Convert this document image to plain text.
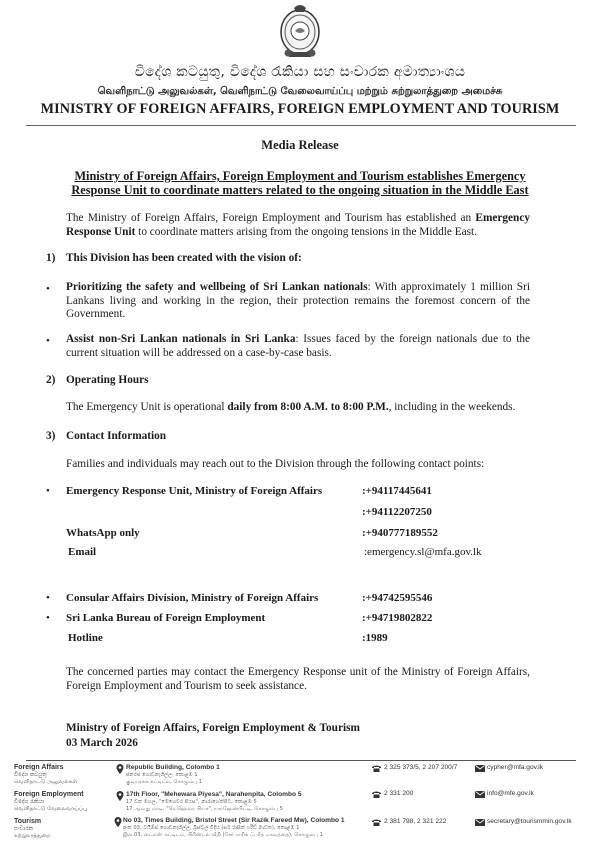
විදේශ කටයුතු, විදේශ රැකියා සහ සංචාරක අමාත්‍යාංශය
வெளிநாட்டு அலுவல்கள், வெளிநாட்டு வேலைவாய்ப்பு மற்றும் சுற்றுலாத்துறை அமைச்சு
MINISTRY OF FOREIGN AFFAIRS, FOREIGN EMPLOYMENT AND TOURISM
Media Release
Ministry of Foreign Affairs, Foreign Employment and Tourism establishes Emergency
Response Unit to coordinate matters related to the ongoing situation in the Middle East
The Ministry of Foreign Affairs, Foreign Employment and Tourism has established an Emergency Response Unit to coordinate matters arising from the ongoing tensions in the Middle East.
1) This Division has been created with the vision of:
• Prioritizing the safety and wellbeing of Sri Lankan nationals: With approximately 1 million Sri Lankans living and working in the region, their protection remains the foremost concern of the Government.
• Assist non-Sri Lankan nationals in Sri Lanka: Issues faced by the foreign nationals due to the current situation will be addressed on a case-by-case basis.
2) Operating Hours
The Emergency Unit is operational daily from 8:00 A.M. to 8:00 P.M., including in the weekends.
3) Contact Information
Families and individuals may reach out to the Division through the following contact points:
• Emergency Response Unit, Ministry of Foreign Affairs	:+94117445641
:+94112207250
WhatsApp only	:+940777189552
Email	:emergency.sl@mfa.gov.lk
• Consular Affairs Division, Ministry of Foreign Affairs	:+94742595546
• Sri Lanka Bureau of Foreign Employment	:+94719802822
Hotline	:1989
The concerned parties may contact the Emergency Response unit of the Ministry of Foreign Affairs, Foreign Employment and Tourism to seek assistance.
Ministry of Foreign Affairs, Foreign Employment & Tourism
03 March 2026
Foreign Affairs
විදේශ කටයුතු
வெளிநாட்டு அலுவல்கள்
Republic Building, Colombo 1
ජනරජ ගොඩනැගිල්ල, කොළඹ 1
குடியரசுக் கட்டிடம், கொழும்பு 1
2 325 373/5, 2 207 200/7	cypher@mfa.gov.lk
Foreign Employment
විදේශ රැකියා
வெளிநாட்டு வேலைவாய்ப்பு
17th Floor, "Mehewara Piyesa", Narahenpita, Colombo 5
17 වන මහල, "මෙහෙවර පියස", නාරාහේන්පිට, කොළඹ 5
17 ஆவது மாடி, "மெஹெவர பியச", நாரஹேன்பிட்டி, கொழும்பு 5
2 331 200	info@mfe.gov.lk
Tourism
සංචාරක
சுற்றுலாத்துறை
No 03, Times Building, Bristol Street (Sir Razik Fareed Mw), Colombo 1
අංක 03, ටයිම්ස් ගොඩනැගිල්ල, බ්‍රිස්ටල් වීදිය (සර් රාසික් ෆරීඩ් මාවත), කොළඹ 1
இல.03, டைம்ஸ் கட்டிடம், பிரிஸ்டல் வீதி (சேர் ராசிக் ஃபரீத் மாவத்தை), கொழும்பு 1
2 381 798, 2 321 222	secretary@tourismmin.gov.lk
